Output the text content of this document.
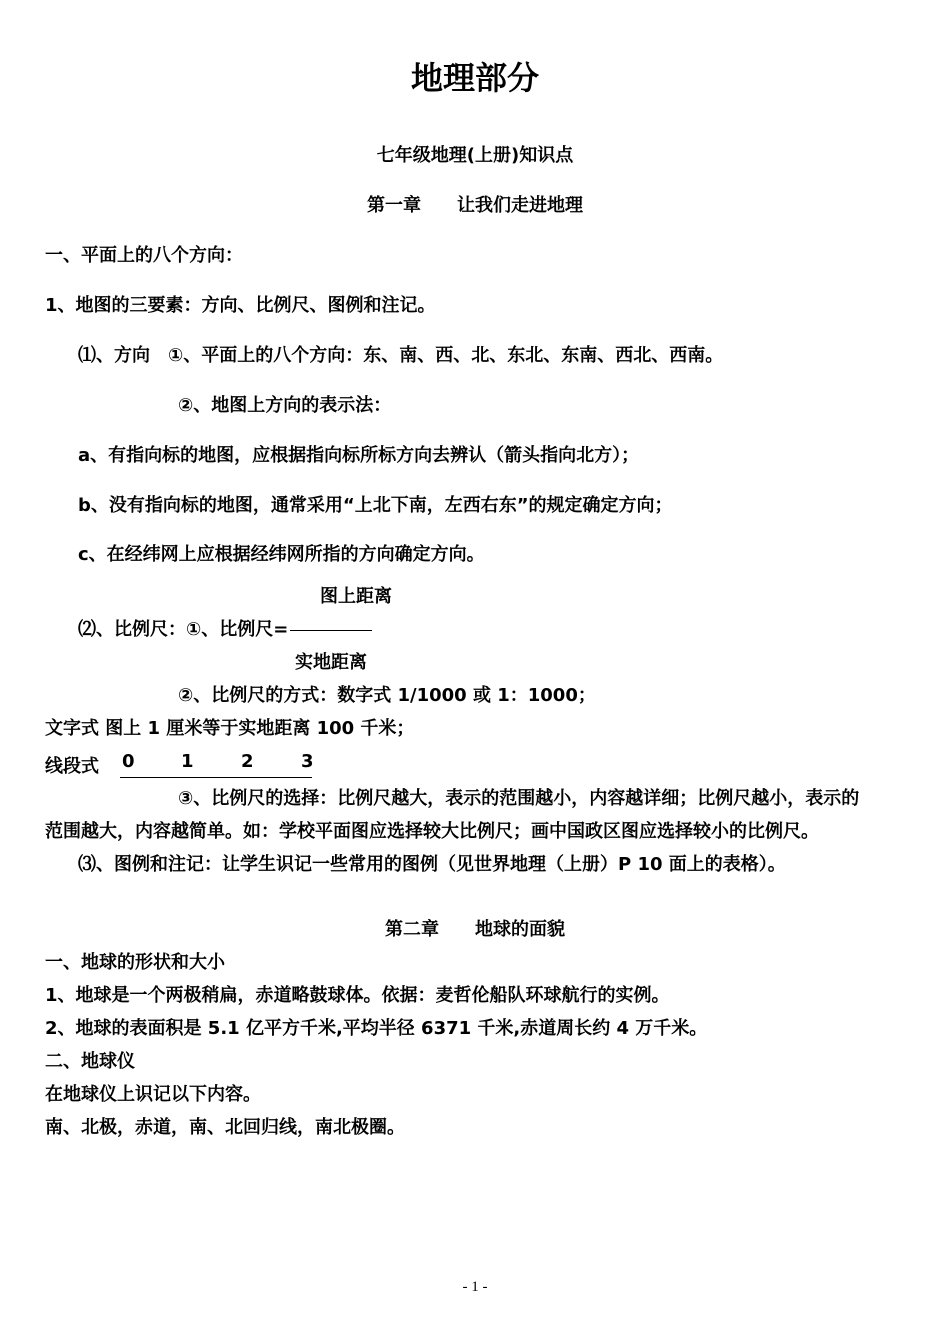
地理部分
七年级地理(上册)知识点
第一章　　让我们走进地理
一、平面上的八个方向：
1、地图的三要素：方向、比例尺、图例和注记。
⑴、方向　①、平面上的八个方向：东、南、西、北、东北、东南、西北、西南。
②、地图上方向的表示法：
a、有指向标的地图，应根据指向标所标方向去辨认（箭头指向北方）；
b、没有指向标的地图，通常采用“上北下南，左西右东”的规定确定方向；
c、在经纬网上应根据经纬网所指的方向确定方向。
图上距离
⑵、比例尺：①、比例尺=
实地距离
②、比例尺的方式：数字式 1/1000 或 1：1000；
文字式 图上 1 厘米等于实地距离 100 千米；
线段式 0	1	2	3
③、比例尺的选择：比例尺越大，表示的范围越小，内容越详细；比例尺越小，表示的
范围越大，内容越简单。如：学校平面图应选择较大比例尺；画中国政区图应选择较小的比例尺。
⑶、图例和注记：让学生识记一些常用的图例（见世界地理（上册）P 10 面上的表格）。
第二章　　地球的面貌
一、地球的形状和大小
1、地球是一个两极稍扁，赤道略鼓球体。依据：麦哲伦船队环球航行的实例。
2、地球的表面积是 5.1 亿平方千米,平均半径 6371 千米,赤道周长约 4 万千米。
二、地球仪
在地球仪上识记以下内容。
南、北极，赤道，南、北回归线，南北极圈。
- 1 -
